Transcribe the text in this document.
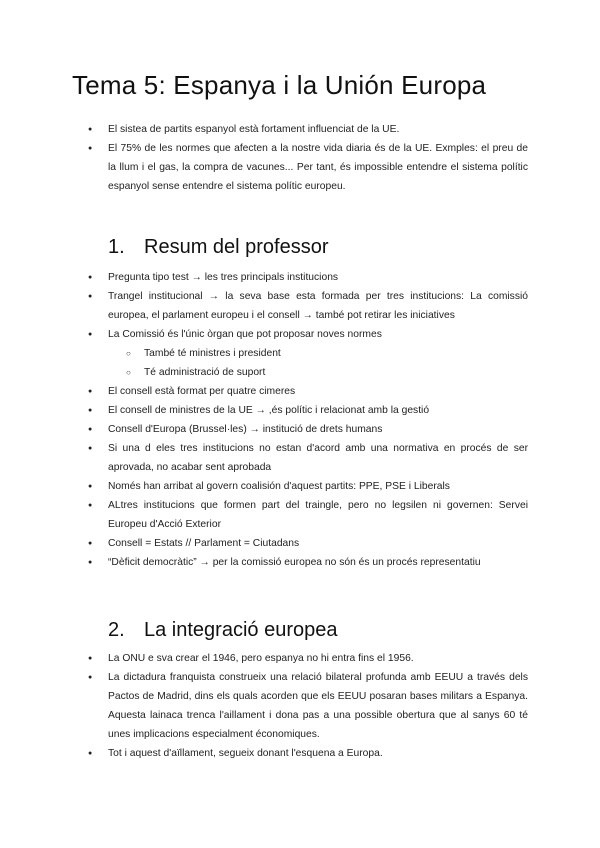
Tema 5: Espanya i la Unión Europa
● El sistea de partits espanyol està fortament influenciat de la UE.
● El 75% de les normes que afecten a la nostre vida diaria és de la UE. Exmples: el preu de la llum i el gas, la compra de vacunes... Per tant, és impossible entendre el sistema polític espanyol sense entendre el sistema polític europeu.
1. Resum del professor
● Pregunta tipo test → les tres principals institucions
● Trangel institucional → la seva base esta formada per tres institucions: La comissió europea, el parlament europeu i el consell → també pot retirar les iniciatives
● La Comissió és l'únic òrgan que pot proposar noves normes
○ També té ministres i president
○ Té administració de suport
● El consell està format per quatre cimeres
● El consell de ministres de la UE → ,és polític i relacionat amb la gestió
● Consell d'Europa (Brussel·les) → institució de drets humans
● Si una d eles tres institucions no estan d'acord amb una normativa en procés de ser aprovada, no acabar sent aprobada
● Només han arribat al govern coalisión d'aquest partits: PPE, PSE i Liberals
● ALtres institucions que formen part del traingle, pero no legsilen ni governen: Servei Europeu d'Acció Exterior
● Consell = Estats // Parlament = Ciutadans
● “Dèficit democràtic” → per la comissió europea no són és un procés representatiu
2. La integració europea
● La ONU e sva crear el 1946, pero espanya no hi entra fins el 1956.
● La dictadura franquista construeix una relació bilateral profunda amb EEUU a través dels Pactos de Madrid, dins els quals acorden que els EEUU posaran bases militars a Espanya. Aquesta lainaca trenca l'aillament i dona pas a una possible obertura que al sanys 60 té unes implicacions especialment économiques.
● Tot i aquest d'aïllament, segueix donant l'esquena a Europa.
